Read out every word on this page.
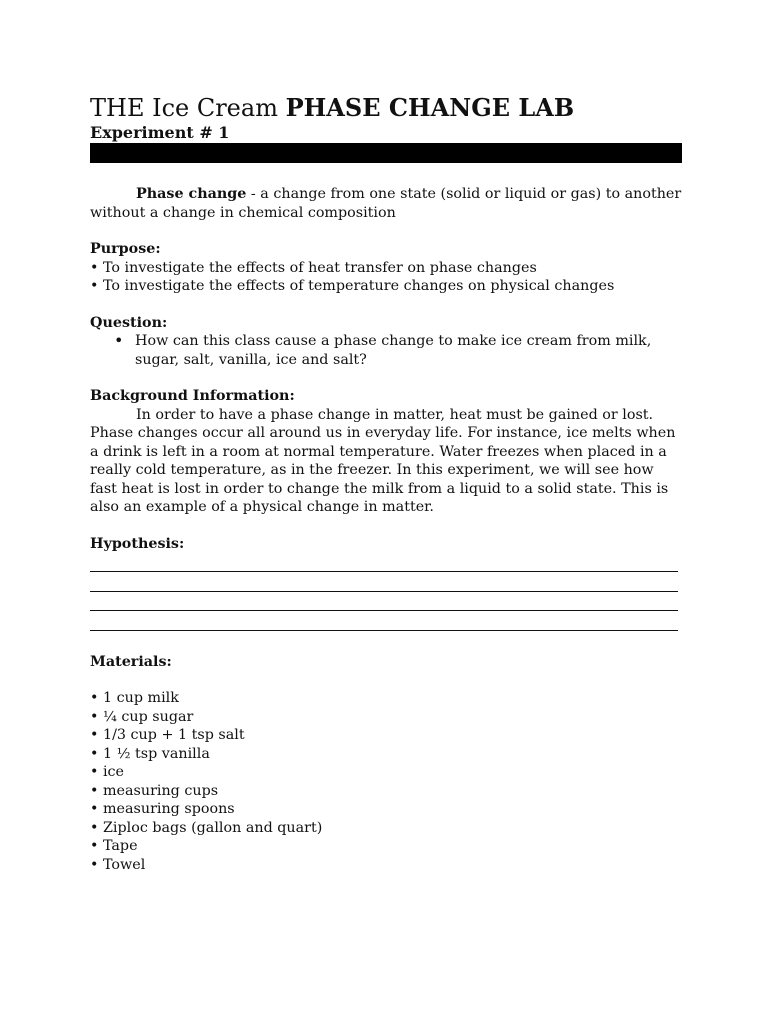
THE Ice Cream PHASE CHANGE LAB
Experiment # 1

Phase change - a change from one state (solid or liquid or gas) to another without a change in chemical composition

Purpose:
• To investigate the effects of heat transfer on phase changes
• To investigate the effects of temperature changes on physical changes
Question:
• How can this class cause a phase change to make ice cream from milk, sugar, salt, vanilla, ice and salt?
Background Information:

In order to have a phase change in matter, heat must be gained or lost. Phase changes occur all around us in everyday life. For instance, ice melts when a drink is left in a room at normal temperature. Water freezes when placed in a really cold temperature, as in the freezer. In this experiment, we will see how fast heat is lost in order to change the milk from a liquid to a solid state. This is also an example of a physical change in matter.

Hypothesis:
Materials:
• 1 cup milk
• ¼ cup sugar
• 1/3 cup + 1 tsp salt
• 1 ½ tsp vanilla
• ice
• measuring cups
• measuring spoons
• Ziploc bags (gallon and quart)
• Tape
• Towel
